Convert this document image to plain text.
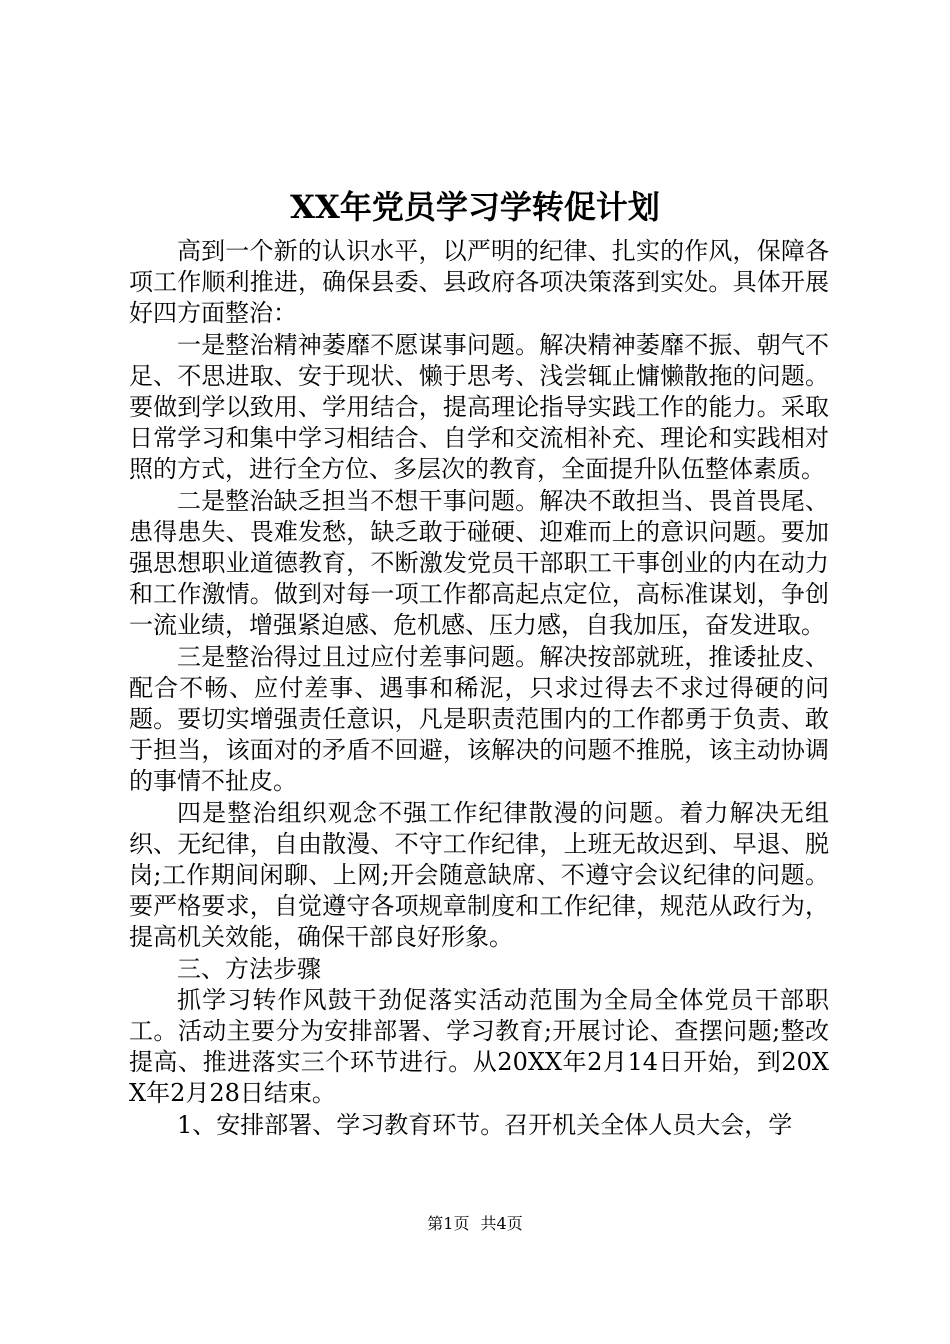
XX年党员学习学转促计划

高到一个新的认识水平，以严明的纪律、扎实的作风，保障各项工作顺利推进，确保县委、县政府各项决策落到实处。具体开展好四方面整治：

一是整治精神萎靡不愿谋事问题。解决精神萎靡不振、朝气不足、不思进取、安于现状、懒于思考、浅尝辄止慵懒散拖的问题。要做到学以致用、学用结合，提高理论指导实践工作的能力。采取日常学习和集中学习相结合、自学和交流相补充、理论和实践相对照的方式，进行全方位、多层次的教育，全面提升队伍整体素质。

二是整治缺乏担当不想干事问题。解决不敢担当、畏首畏尾、患得患失、畏难发愁，缺乏敢于碰硬、迎难而上的意识问题。要加强思想职业道德教育，不断激发党员干部职工干事创业的内在动力和工作激情。做到对每一项工作都高起点定位，高标准谋划，争创一流业绩，增强紧迫感、危机感、压力感，自我加压，奋发进取。

三是整治得过且过应付差事问题。解决按部就班，推诿扯皮、配合不畅、应付差事、遇事和稀泥，只求过得去不求过得硬的问题。要切实增强责任意识，凡是职责范围内的工作都勇于负责、敢于担当，该面对的矛盾不回避，该解决的问题不推脱，该主动协调的事情不扯皮。

四是整治组织观念不强工作纪律散漫的问题。着力解决无组织、无纪律，自由散漫、不守工作纪律，上班无故迟到、早退、脱岗;工作期间闲聊、上网;开会随意缺席、不遵守会议纪律的问题。要严格要求，自觉遵守各项规章制度和工作纪律，规范从政行为，提高机关效能，确保干部良好形象。

三、方法步骤

抓学习转作风鼓干劲促落实活动范围为全局全体党员干部职工。活动主要分为安排部署、学习教育;开展讨论、查摆问题;整改提高、推进落实三个环节进行。从20XX年2月14日开始，到20XX年2月28日结束。

1、安排部署、学习教育环节。召开机关全体人员大会，学

第1页 共4页
